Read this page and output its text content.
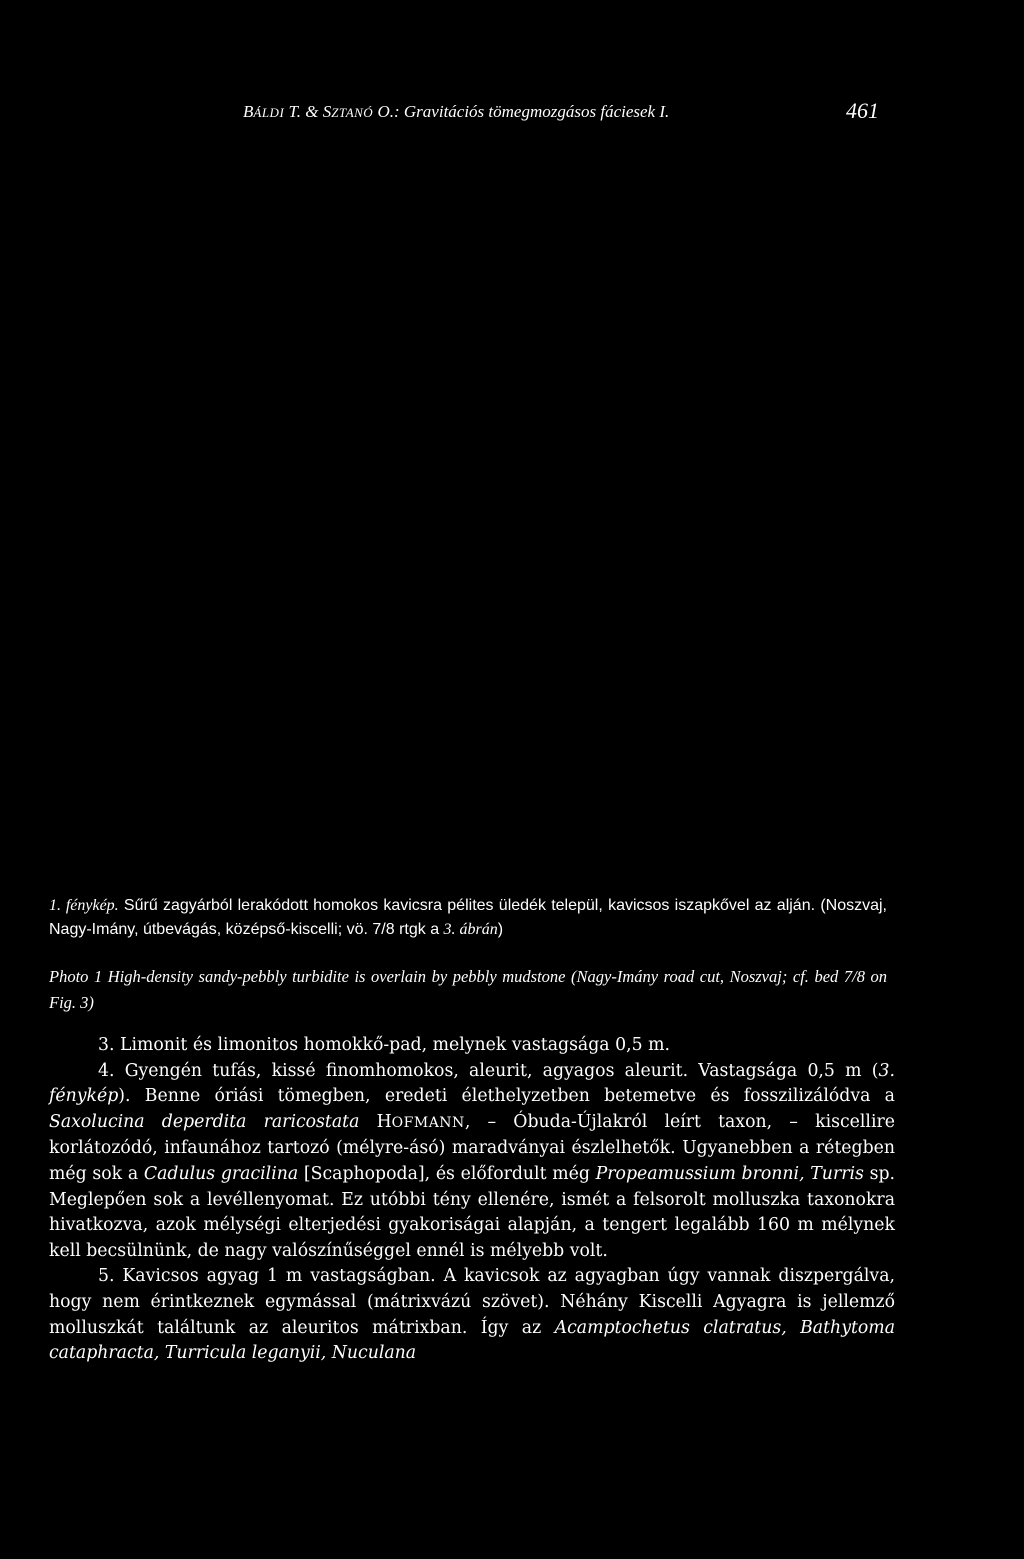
BÁLDI T. & SZTANÓ O.: Gravitációs tömegmozgásos fáciesek I.	461
1. fénykép. Sűrű zagyárból lerakódott homokos kavicsra pélites üledék települ, kavicsos iszapkővel az alján. (Noszvaj, Nagy-Imány, útbevágás, középső-kiscelli; vö. 7/8 rtgk a 3. ábrán)
Photo 1 High-density sandy-pebbly turbidite is overlain by pebbly mudstone (Nagy-Imány road cut, Noszvaj; cf. bed 7/8 on Fig. 3)

3. Limonit és limonitos homokkő-pad, melynek vastagsága 0,5 m.

4. Gyengén tufás, kissé finomhomokos, aleurit, agyagos aleurit. Vastagsága 0,5 m (3. fénykép). Benne óriási tömegben, eredeti élethelyzetben betemetve és fosszilizálódva a Saxolucina deperdita raricostata HOFMANN, – Óbuda-Újlakról leírt taxon, – kiscellire korlátozódó, infaunához tartozó (mélyre-ásó) maradványai észlelhetők. Ugyanebben a rétegben még sok a Cadulus gracilina [Scaphopoda], és előfordult még Propeamussium bronni, Turris sp. Meglepően sok a levéllenyomat. Ez utóbbi tény ellenére, ismét a felsorolt molluszka taxonokra hivatkozva, azok mélységi elterjedési gyakoriságai alapján, a tengert legalább 160 m mélynek kell becsülnünk, de nagy valószínűséggel ennél is mélyebb volt.

5. Kavicsos agyag 1 m vastagságban. A kavicsok az agyagban úgy vannak diszpergálva, hogy nem érintkeznek egymással (mátrixvázú szövet). Néhány Kiscelli Agyagra is jellemző molluszkát találtunk az aleuritos mátrixban. Így az Acamptochetus clatratus, Bathytoma cataphracta, Turricula leganyii, Nuculana
